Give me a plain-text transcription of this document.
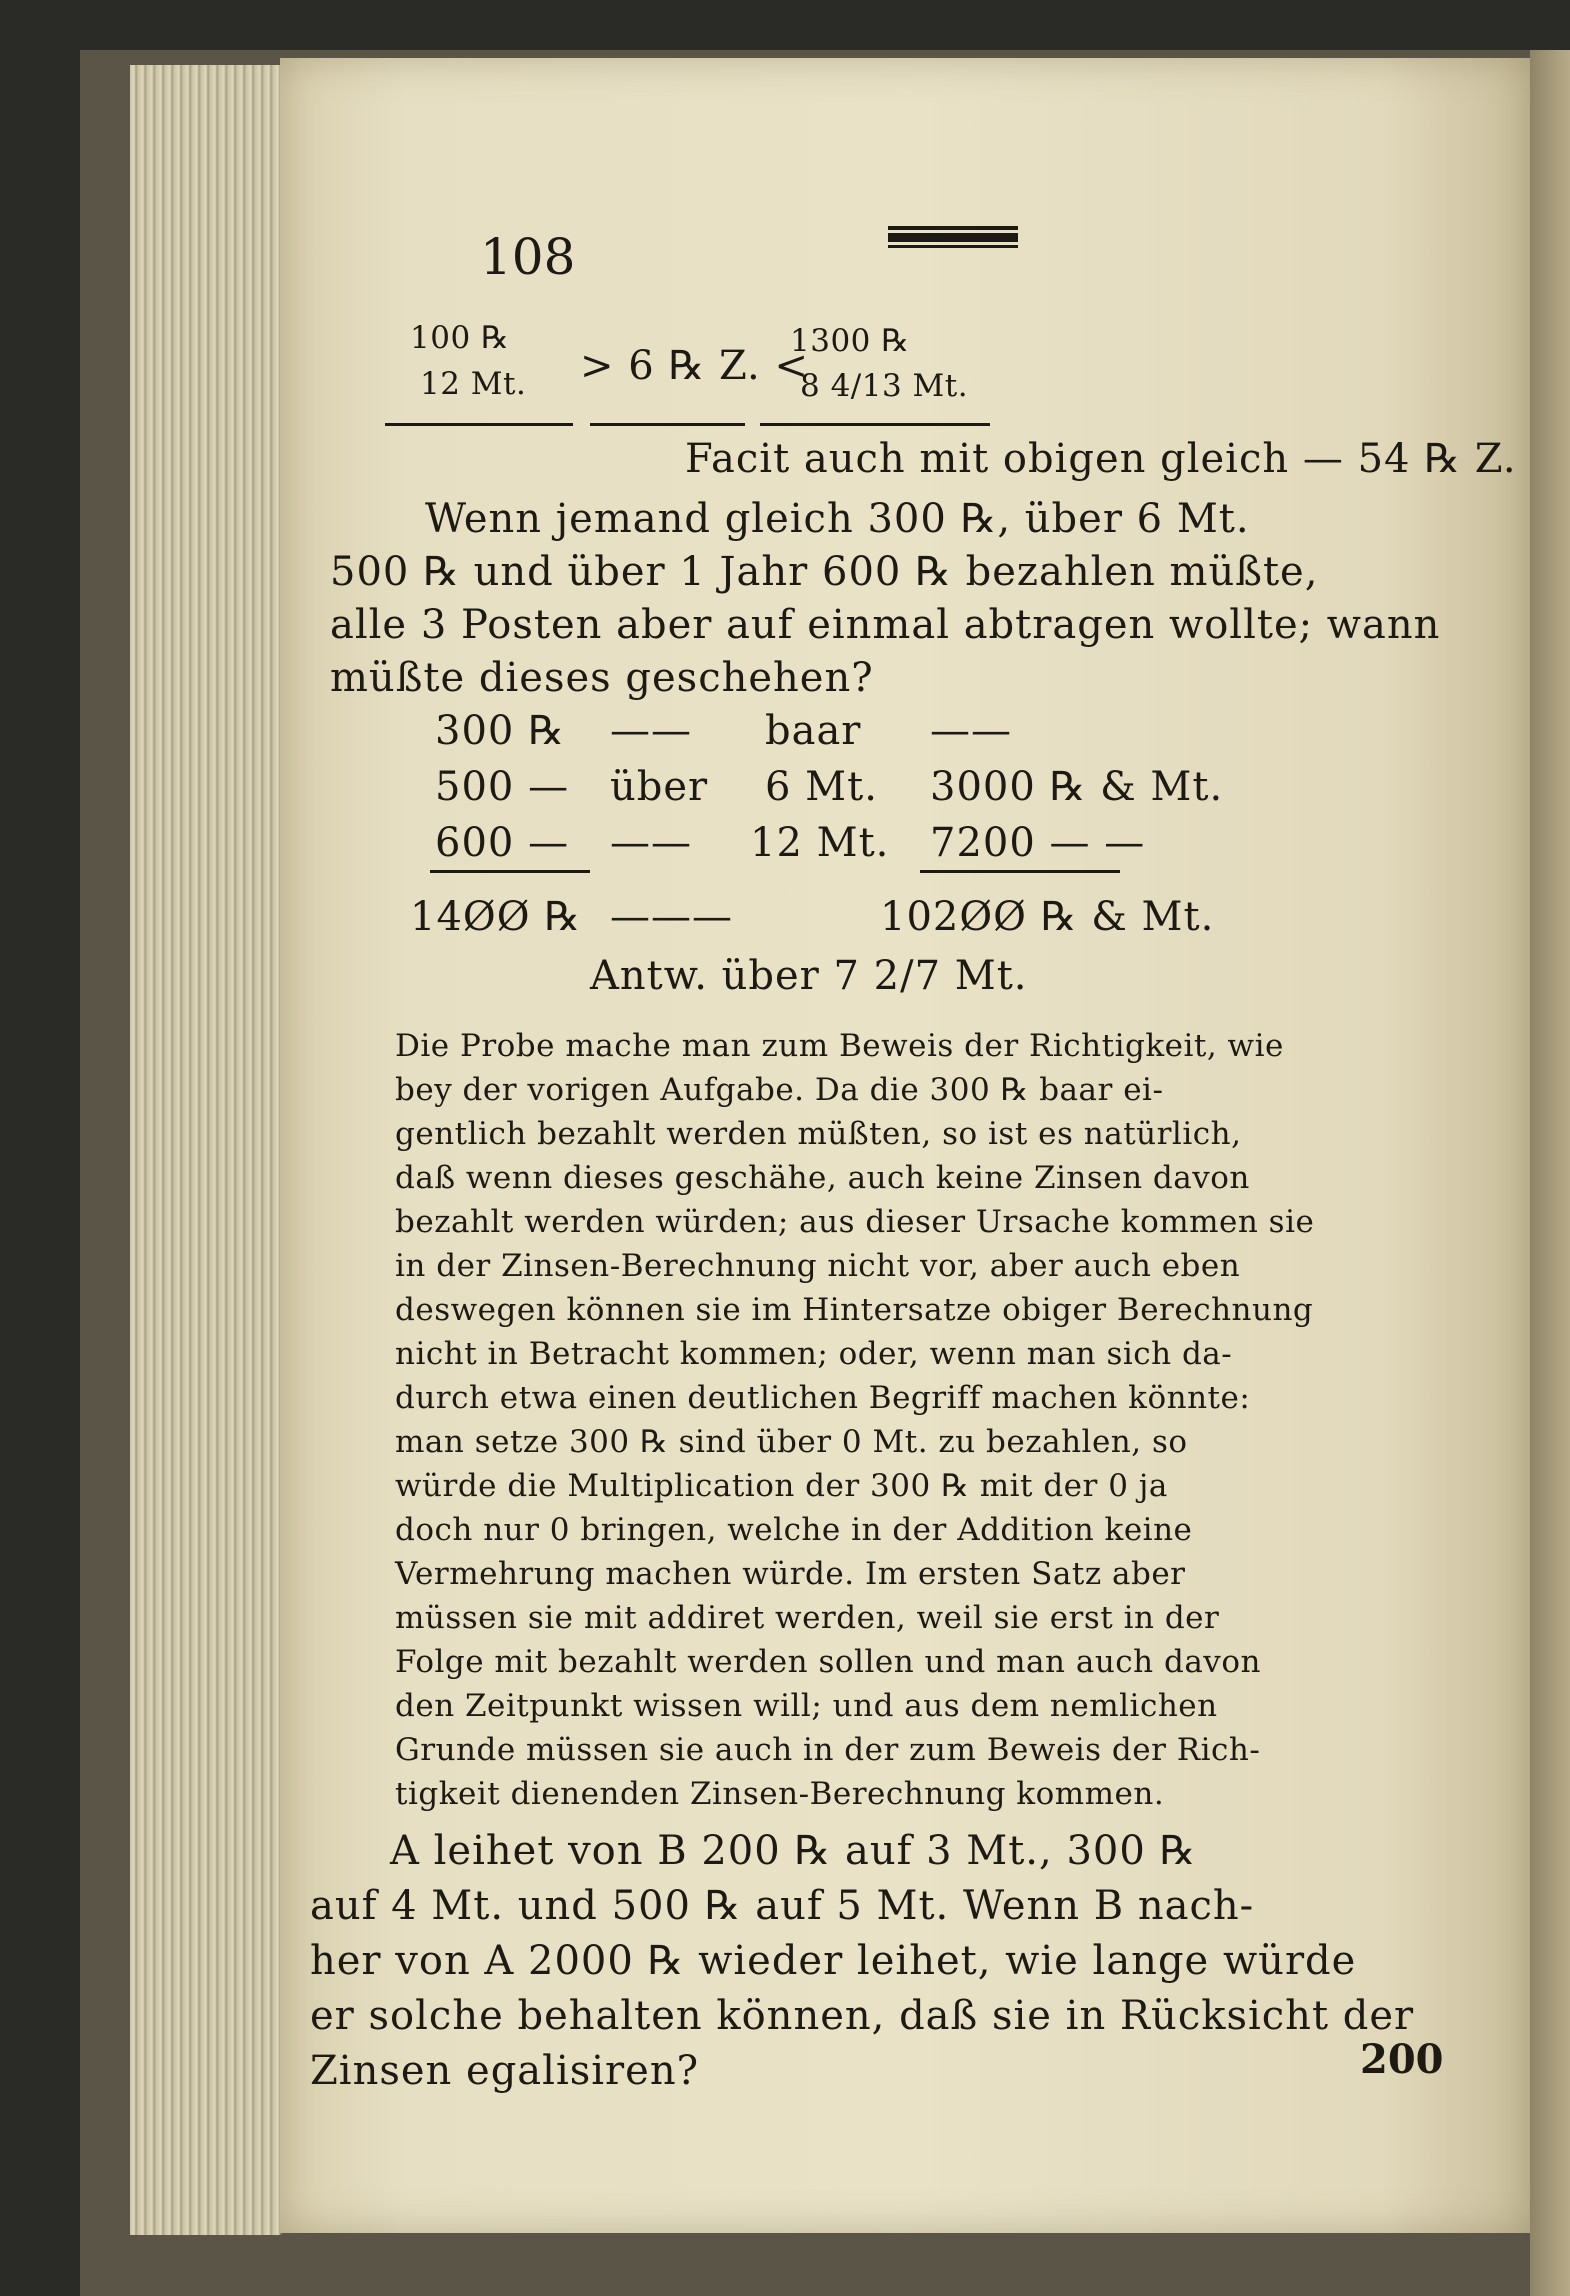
108
100 ℞
12 Mt. > 6 ℞ Z. <
1300 ℞
8 4/13 Mt.
Facit auch mit obigen gleich — 54 ℞ Z.
Wenn jemand gleich 300 ℞, über 6 Mt.
500 ℞ und über 1 Jahr 600 ℞ bezahlen müßte,
alle 3 Posten aber auf einmal abtragen wollte; wann
müßte dieses geschehen?
300 ℞ —— baar ——
500 — über 6 Mt. 3000 ℞ & Mt.
600 — —— 12 Mt. 7200 — —
14ØØ ℞ ———	102ØØ ℞ & Mt.
Antw. über 7 2/7 Mt.
Die Probe mache man zum Beweis der Richtigkeit, wie
bey der vorigen Aufgabe. Da die 300 ℞ baar ei-
gentlich bezahlt werden müßten, so ist es natürlich,
daß wenn dieses geschähe, auch keine Zinsen davon
bezahlt werden würden; aus dieser Ursache kommen sie
in der Zinsen-Berechnung nicht vor, aber auch eben
deswegen können sie im Hintersatze obiger Berechnung
nicht in Betracht kommen; oder, wenn man sich da-
durch etwa einen deutlichen Begriff machen könnte:
man setze 300 ℞ sind über 0 Mt. zu bezahlen, so
würde die Multiplication der 300 ℞ mit der 0 ja
doch nur 0 bringen, welche in der Addition keine
Vermehrung machen würde. Im ersten Satz aber
müssen sie mit addiret werden, weil sie erst in der
Folge mit bezahlt werden sollen und man auch davon
den Zeitpunkt wissen will; und aus dem nemlichen
Grunde müssen sie auch in der zum Beweis der Rich-
tigkeit dienenden Zinsen-Berechnung kommen.
A leihet von B 200 ℞ auf 3 Mt., 300 ℞
auf 4 Mt. und 500 ℞ auf 5 Mt. Wenn B nach-
her von A 2000 ℞ wieder leihet, wie lange würde
er solche behalten können, daß sie in Rücksicht der
Zinsen egalisiren?	200
